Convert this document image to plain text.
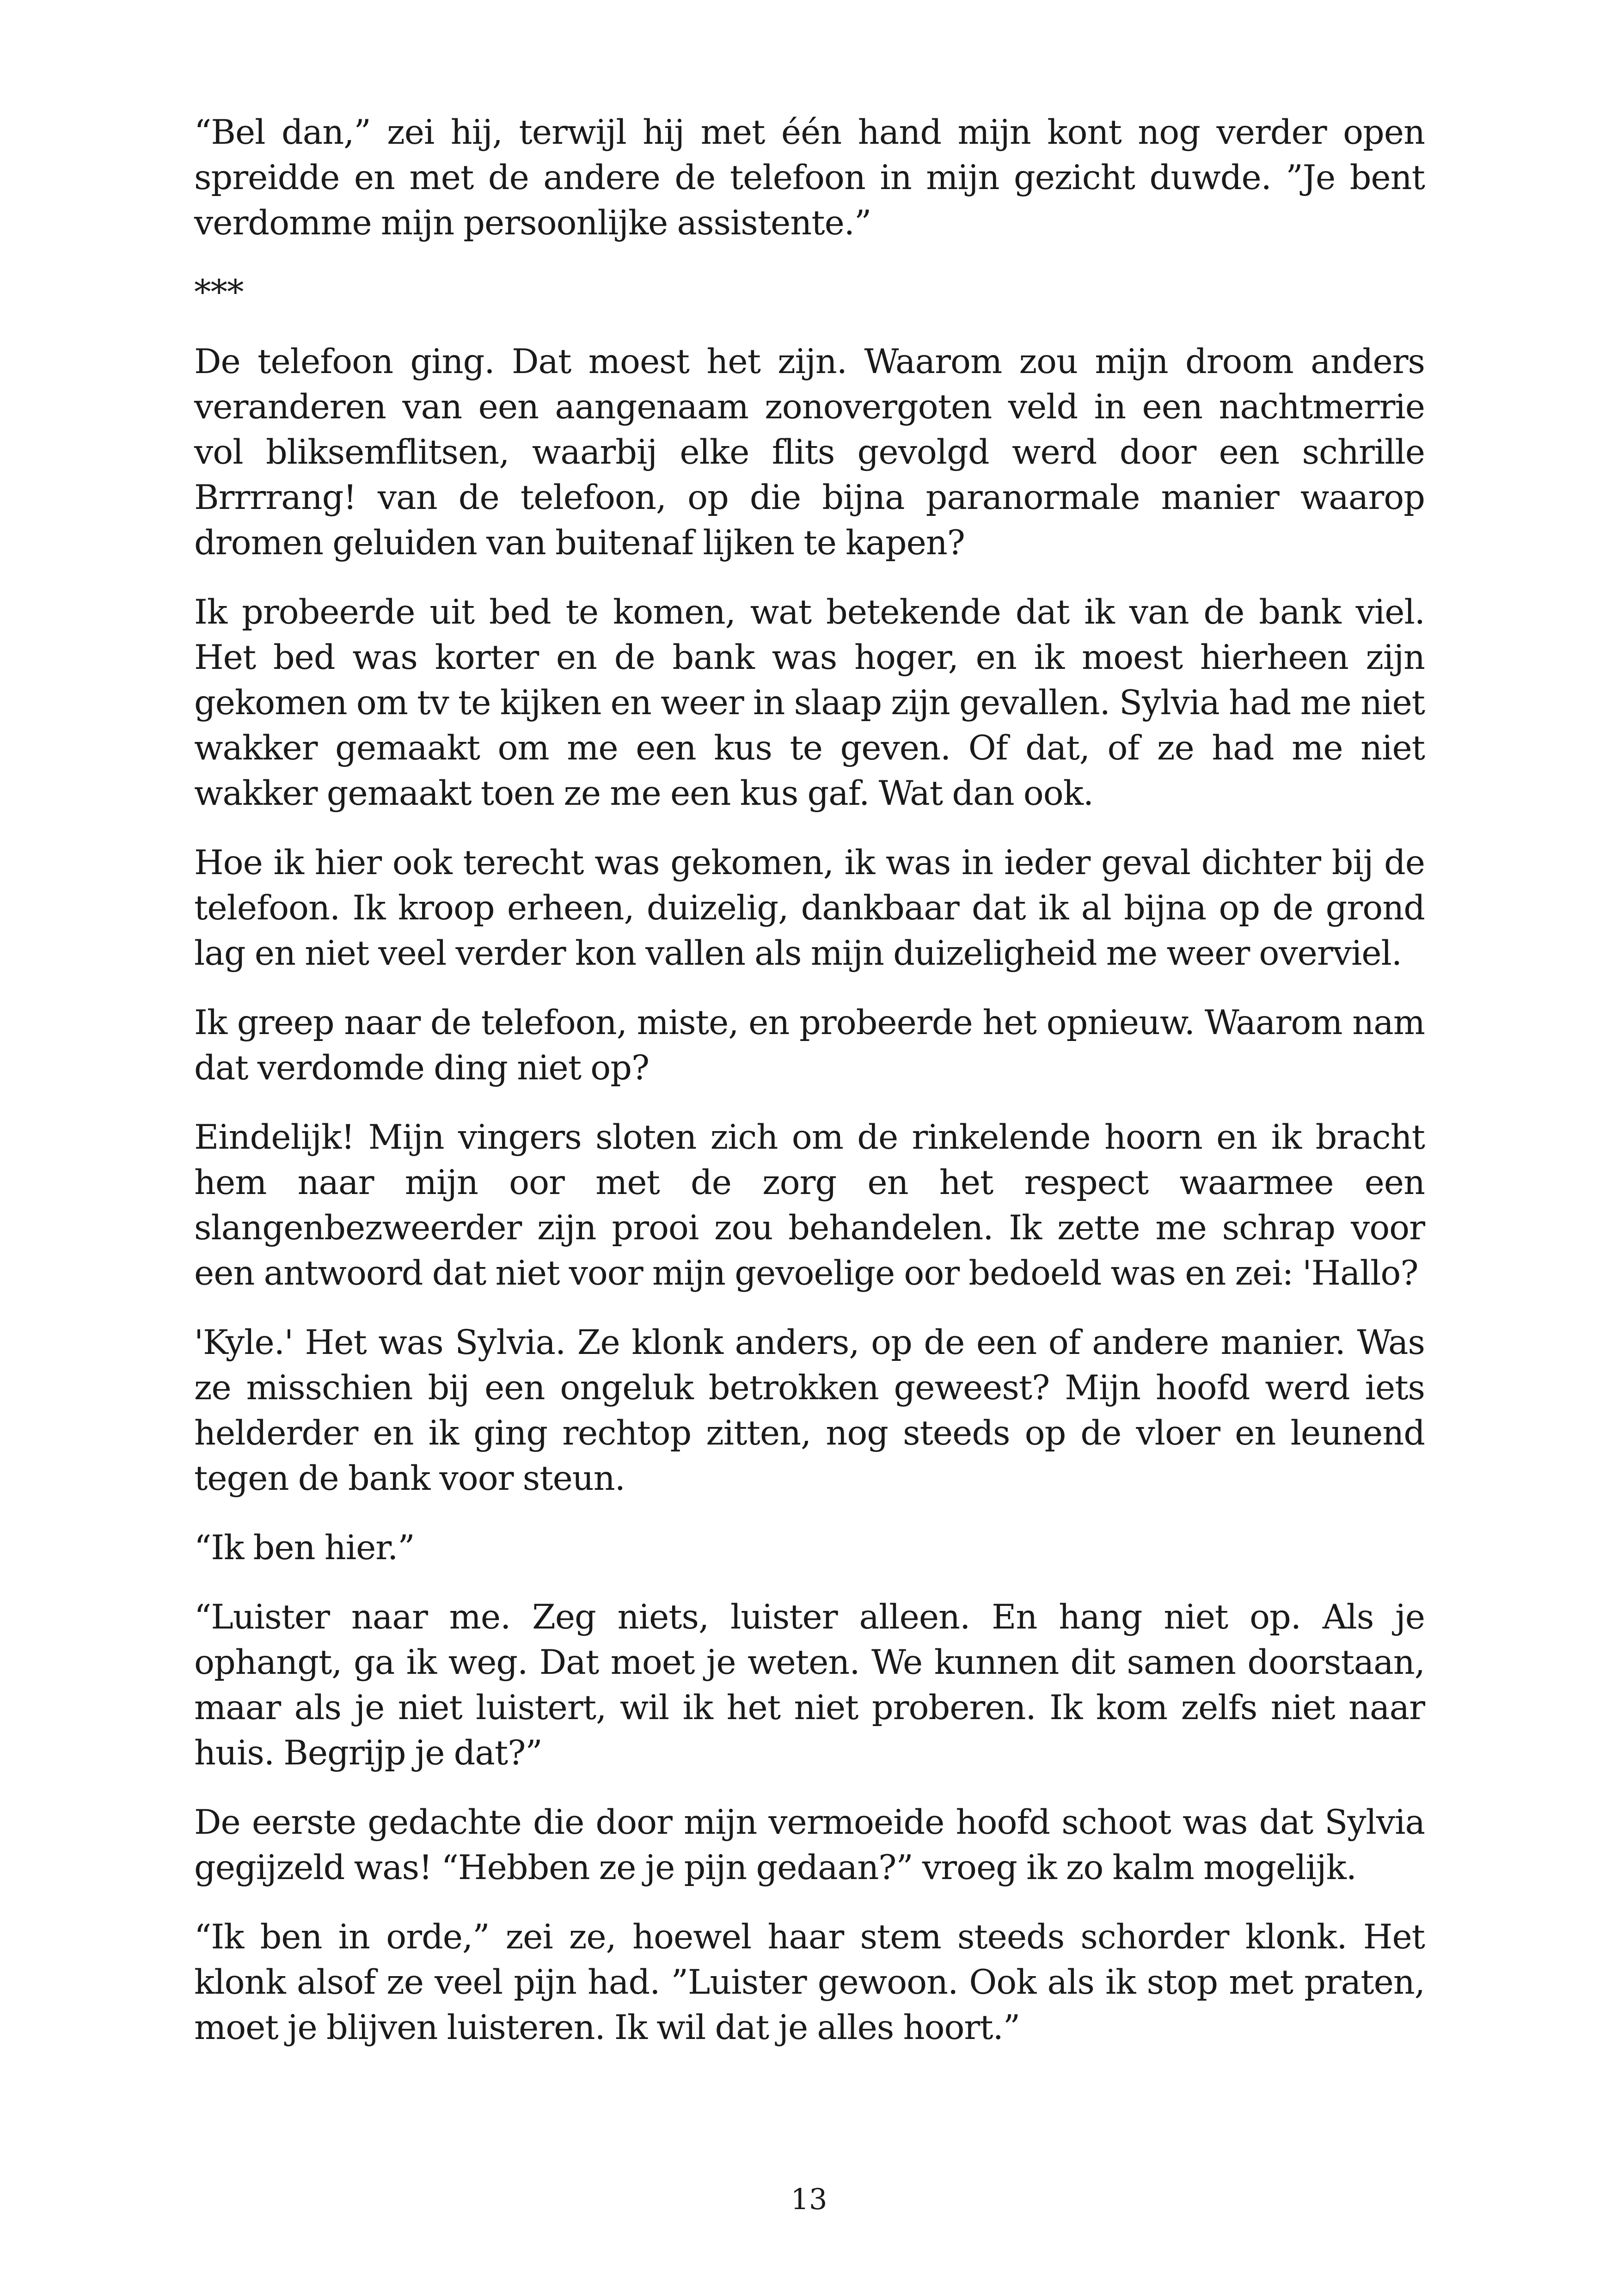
“Bel dan,” zei hij, terwijl hij met één hand mijn kont nog verder open spreidde en met de andere de telefoon in mijn gezicht duwde. ”Je bent verdomme mijn persoonlijke assistente.”

***

De telefoon ging. Dat moest het zijn. Waarom zou mijn droom anders veranderen van een aangenaam zonovergoten veld in een nachtmerrie vol bliksemflitsen, waarbij elke flits gevolgd werd door een schrille Brrrrang! van de telefoon, op die bijna paranormale manier waarop dromen geluiden van buitenaf lijken te kapen?

Ik probeerde uit bed te komen, wat betekende dat ik van de bank viel. Het bed was korter en de bank was hoger, en ik moest hierheen zijn gekomen om tv te kijken en weer in slaap zijn gevallen. Sylvia had me niet wakker gemaakt om me een kus te geven. Of dat, of ze had me niet wakker gemaakt toen ze me een kus gaf. Wat dan ook.

Hoe ik hier ook terecht was gekomen, ik was in ieder geval dichter bij de telefoon. Ik kroop erheen, duizelig, dankbaar dat ik al bijna op de grond lag en niet veel verder kon vallen als mijn duizeligheid me weer overviel.

Ik greep naar de telefoon, miste, en probeerde het opnieuw. Waarom nam dat verdomde ding niet op?

Eindelijk! Mijn vingers sloten zich om de rinkelende hoorn en ik bracht hem naar mijn oor met de zorg en het respect waarmee een slangenbezweerder zijn prooi zou behandelen. Ik zette me schrap voor een antwoord dat niet voor mijn gevoelige oor bedoeld was en zei: 'Hallo?

'Kyle.' Het was Sylvia. Ze klonk anders, op de een of andere manier. Was ze misschien bij een ongeluk betrokken geweest? Mijn hoofd werd iets helderder en ik ging rechtop zitten, nog steeds op de vloer en leunend tegen de bank voor steun.

“Ik ben hier.”

“Luister naar me. Zeg niets, luister alleen. En hang niet op. Als je ophangt, ga ik weg. Dat moet je weten. We kunnen dit samen doorstaan, maar als je niet luistert, wil ik het niet proberen. Ik kom zelfs niet naar huis. Begrijp je dat?”

De eerste gedachte die door mijn vermoeide hoofd schoot was dat Sylvia gegijzeld was! “Hebben ze je pijn gedaan?” vroeg ik zo kalm mogelijk.

“Ik ben in orde,” zei ze, hoewel haar stem steeds schorder klonk. Het klonk alsof ze veel pijn had. ”Luister gewoon. Ook als ik stop met praten, moet je blijven luisteren. Ik wil dat je alles hoort.”

13
